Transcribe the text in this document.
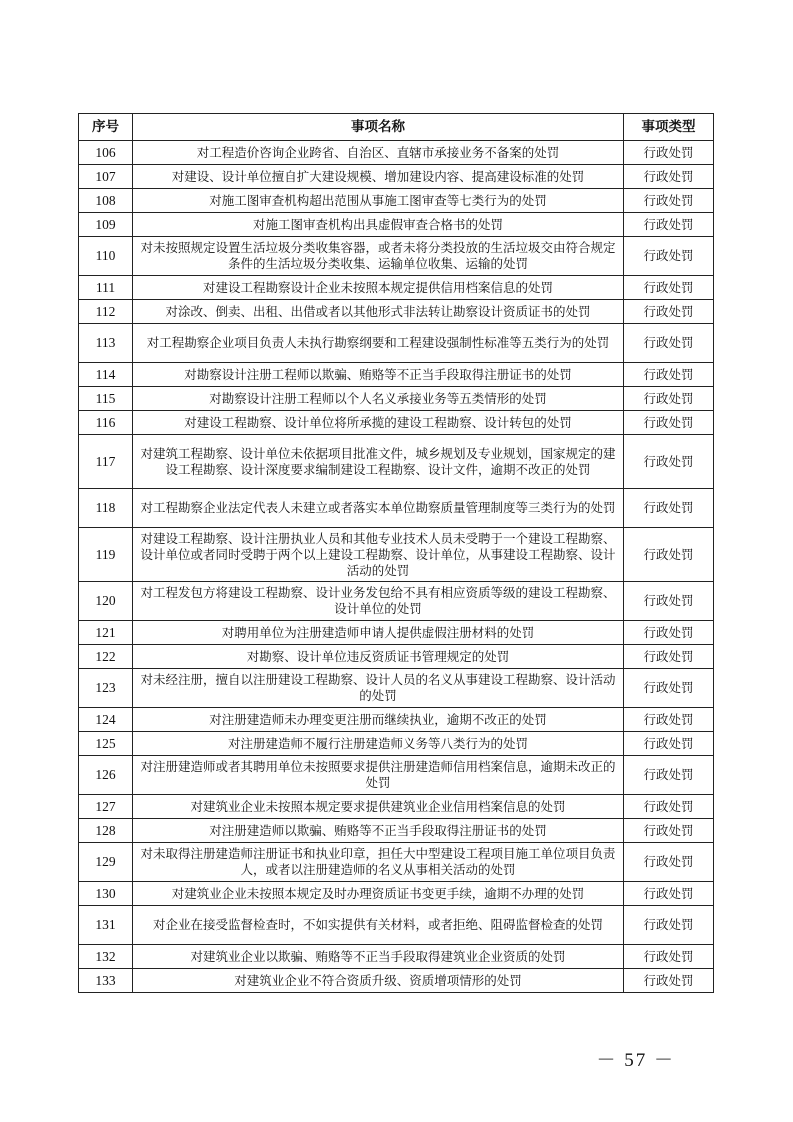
序号	事项名称	事项类型
106	对工程造价咨询企业跨省、自治区、直辖市承接业务不备案的处罚	行政处罚
107	对建设、设计单位擅自扩大建设规模、增加建设内容、提高建设标准的处罚	行政处罚
108	对施工图审查机构超出范围从事施工图审查等七类行为的处罚	行政处罚
109	对施工图审查机构出具虚假审查合格书的处罚	行政处罚
110	对未按照规定设置生活垃圾分类收集容器，或者未将分类投放的生活垃圾交由符合规定条件的生活垃圾分类收集、运输单位收集、运输的处罚	行政处罚
111	对建设工程勘察设计企业未按照本规定提供信用档案信息的处罚	行政处罚
112	对涂改、倒卖、出租、出借或者以其他形式非法转让勘察设计资质证书的处罚	行政处罚
113	对工程勘察企业项目负责人未执行勘察纲要和工程建设强制性标准等五类行为的处罚	行政处罚
114	对勘察设计注册工程师以欺骗、贿赂等不正当手段取得注册证书的处罚	行政处罚
115	对勘察设计注册工程师以个人名义承接业务等五类情形的处罚	行政处罚
116	对建设工程勘察、设计单位将所承揽的建设工程勘察、设计转包的处罚	行政处罚
117	对建筑工程勘察、设计单位未依据项目批准文件，城乡规划及专业规划，国家规定的建设工程勘察、设计深度要求编制建设工程勘察、设计文件，逾期不改正的处罚	行政处罚
118	对工程勘察企业法定代表人未建立或者落实本单位勘察质量管理制度等三类行为的处罚	行政处罚
119	对建设工程勘察、设计注册执业人员和其他专业技术人员未受聘于一个建设工程勘察、设计单位或者同时受聘于两个以上建设工程勘察、设计单位，从事建设工程勘察、设计活动的处罚	行政处罚
120	对工程发包方将建设工程勘察、设计业务发包给不具有相应资质等级的建设工程勘察、设计单位的处罚	行政处罚
121	对聘用单位为注册建造师申请人提供虚假注册材料的处罚	行政处罚
122	对勘察、设计单位违反资质证书管理规定的处罚	行政处罚
123	对未经注册，擅自以注册建设工程勘察、设计人员的名义从事建设工程勘察、设计活动的处罚	行政处罚
124	对注册建造师未办理变更注册而继续执业，逾期不改正的处罚	行政处罚
125	对注册建造师不履行注册建造师义务等八类行为的处罚	行政处罚
126	对注册建造师或者其聘用单位未按照要求提供注册建造师信用档案信息，逾期未改正的处罚	行政处罚
127	对建筑业企业未按照本规定要求提供建筑业企业信用档案信息的处罚	行政处罚
128	对注册建造师以欺骗、贿赂等不正当手段取得注册证书的处罚	行政处罚
129	对未取得注册建造师注册证书和执业印章，担任大中型建设工程项目施工单位项目负责人，或者以注册建造师的名义从事相关活动的处罚	行政处罚
130	对建筑业企业未按照本规定及时办理资质证书变更手续，逾期不办理的处罚	行政处罚
131	对企业在接受监督检查时，不如实提供有关材料，或者拒绝、阻碍监督检查的处罚	行政处罚
132	对建筑业企业以欺骗、贿赂等不正当手段取得建筑业企业资质的处罚	行政处罚
133	对建筑业企业不符合资质升级、资质增项情形的处罚	行政处罚
－ 57 －
